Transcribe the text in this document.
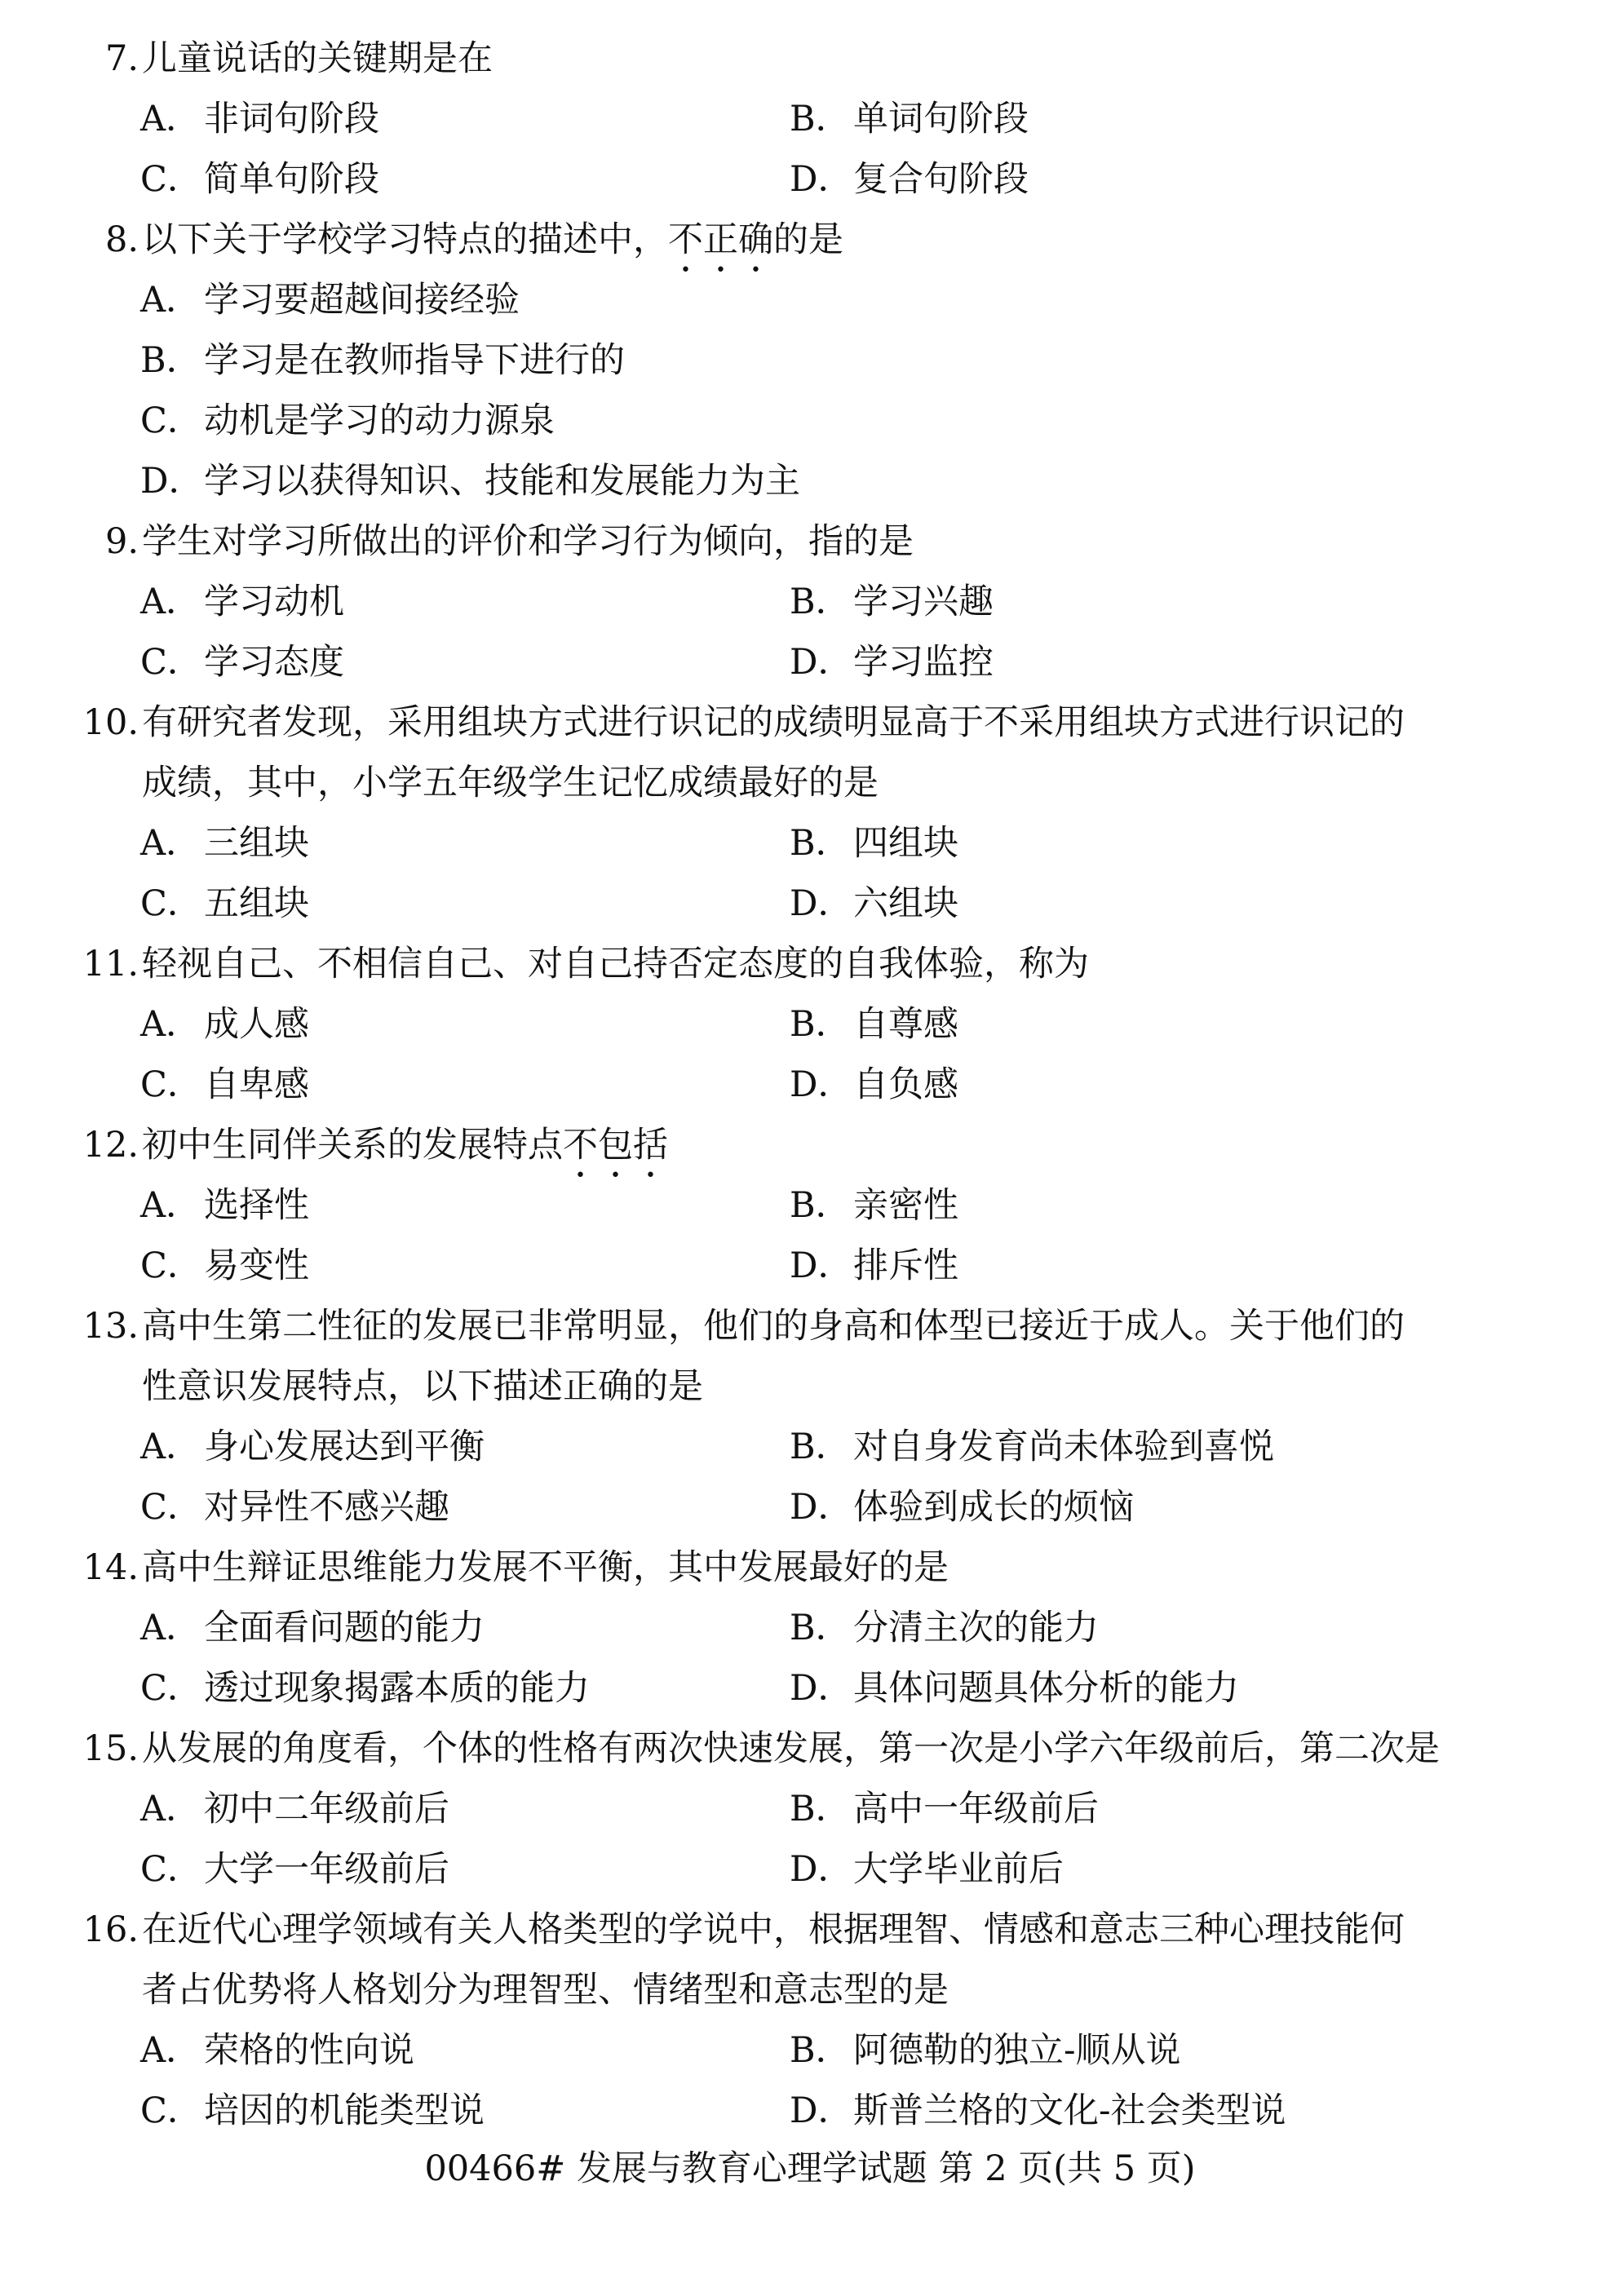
7. 儿童说话的关键期是在
A．非词句阶段	B．单词句阶段
C．简单句阶段	D．复合句阶段
8. 以下关于学校学习特点的描述中，不正确的是
A．学习要超越间接经验
B．学习是在教师指导下进行的
C．动机是学习的动力源泉
D．学习以获得知识、技能和发展能力为主
9. 学生对学习所做出的评价和学习行为倾向，指的是
A．学习动机	B．学习兴趣
C．学习态度	D．学习监控
10. 有研究者发现，采用组块方式进行识记的成绩明显高于不采用组块方式进行识记的
成绩，其中，小学五年级学生记忆成绩最好的是
A．三组块	B．四组块
C．五组块	D．六组块
11. 轻视自己、不相信自己、对自己持否定态度的自我体验，称为
A．成人感	B．自尊感
C．自卑感	D．自负感
12. 初中生同伴关系的发展特点不包括
A．选择性	B．亲密性
C．易变性	D．排斥性
13. 高中生第二性征的发展已非常明显，他们的身高和体型已接近于成人。关于他们的
性意识发展特点，以下描述正确的是
A．身心发展达到平衡	B．对自身发育尚未体验到喜悦
C．对异性不感兴趣	D．体验到成长的烦恼
14. 高中生辩证思维能力发展不平衡，其中发展最好的是
A．全面看问题的能力	B．分清主次的能力
C．透过现象揭露本质的能力	D．具体问题具体分析的能力
15. 从发展的角度看，个体的性格有两次快速发展，第一次是小学六年级前后，第二次是
A．初中二年级前后	B．高中一年级前后
C．大学一年级前后	D．大学毕业前后
16. 在近代心理学领域有关人格类型的学说中，根据理智、情感和意志三种心理技能何
者占优势将人格划分为理智型、情绪型和意志型的是
A．荣格的性向说	B．阿德勒的独立-顺从说
C．培因的机能类型说	D．斯普兰格的文化-社会类型说
00466# 发展与教育心理学试题 第 2 页(共 5 页)
